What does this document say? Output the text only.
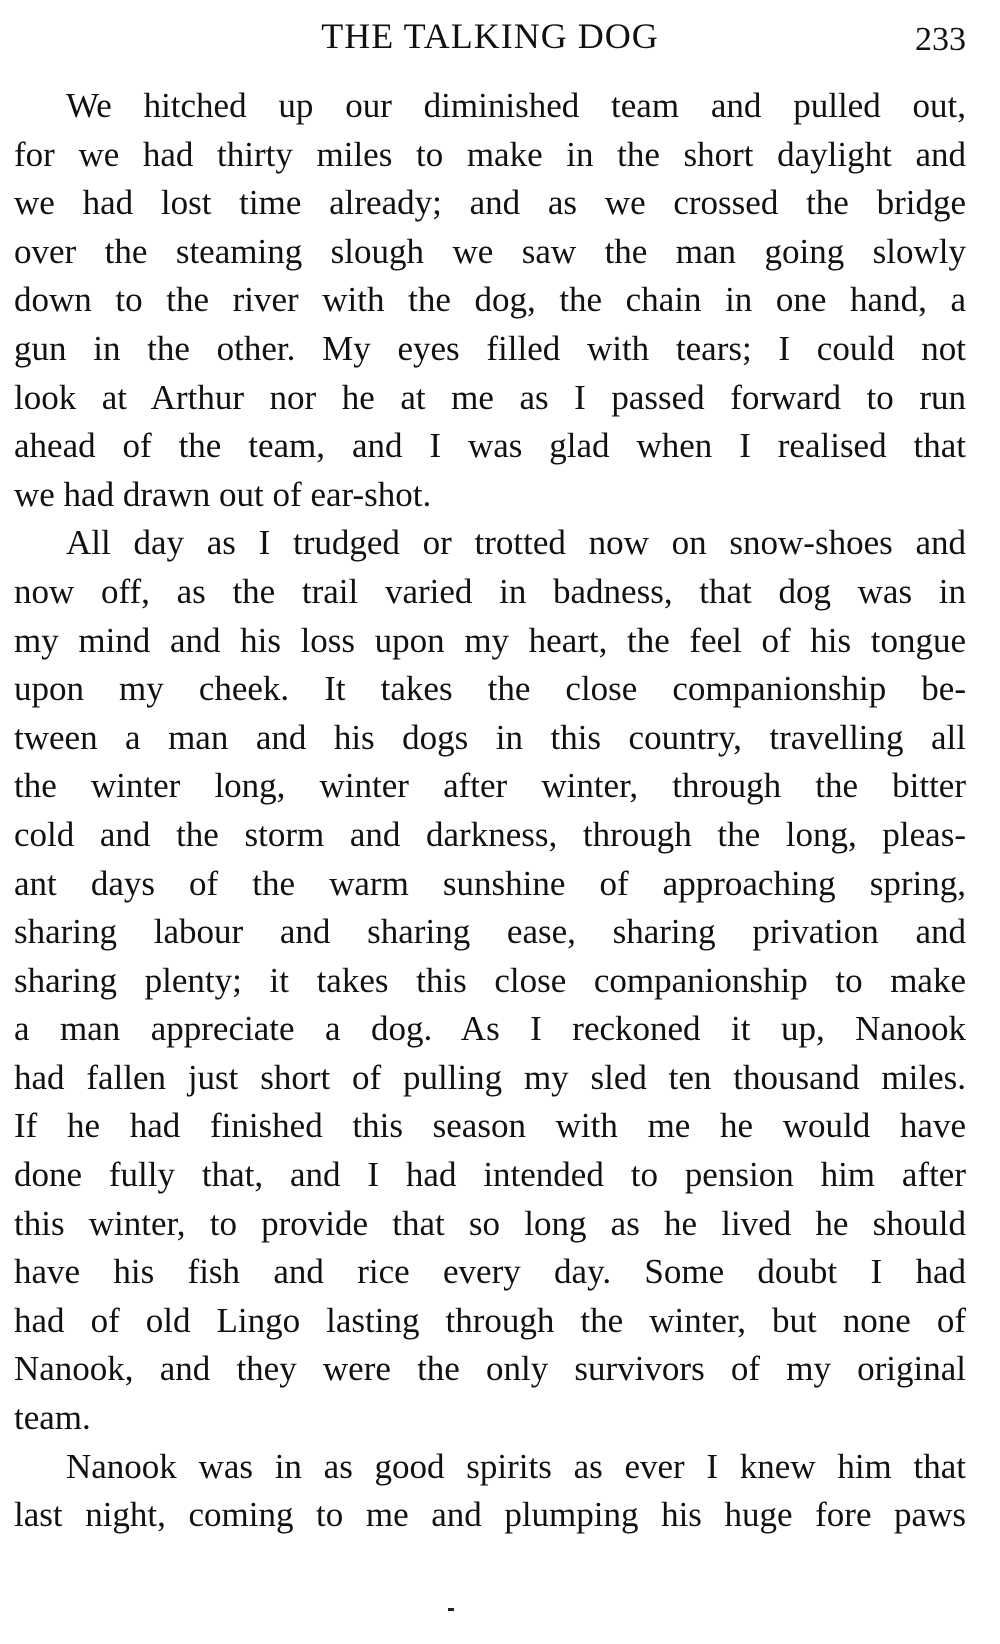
THE TALKING DOG	233

We hitched up our diminished team and pulled out,
for we had thirty miles to make in the short daylight and
we had lost time already; and as we crossed the bridge
over the steaming slough we saw the man going slowly
down to the river with the dog, the chain in one hand, a
gun in the other. My eyes filled with tears; I could not
look at Arthur nor he at me as I passed forward to run
ahead of the team, and I was glad when I realised that
we had drawn out of ear-shot.

All day as I trudged or trotted now on snow-shoes and
now off, as the trail varied in badness, that dog was in
my mind and his loss upon my heart, the feel of his tongue
upon my cheek. It takes the close companionship be-
tween a man and his dogs in this country, travelling all
the winter long, winter after winter, through the bitter
cold and the storm and darkness, through the long, pleas-
ant days of the warm sunshine of approaching spring,
sharing labour and sharing ease, sharing privation and
sharing plenty; it takes this close companionship to make
a man appreciate a dog. As I reckoned it up, Nanook
had fallen just short of pulling my sled ten thousand miles.
If he had finished this season with me he would have
done fully that, and I had intended to pension him after
this winter, to provide that so long as he lived he should
have his fish and rice every day. Some doubt I had
had of old Lingo lasting through the winter, but none of
Nanook, and they were the only survivors of my original
team.

Nanook was in as good spirits as ever I knew him that
last night, coming to me and plumping his huge fore paws
